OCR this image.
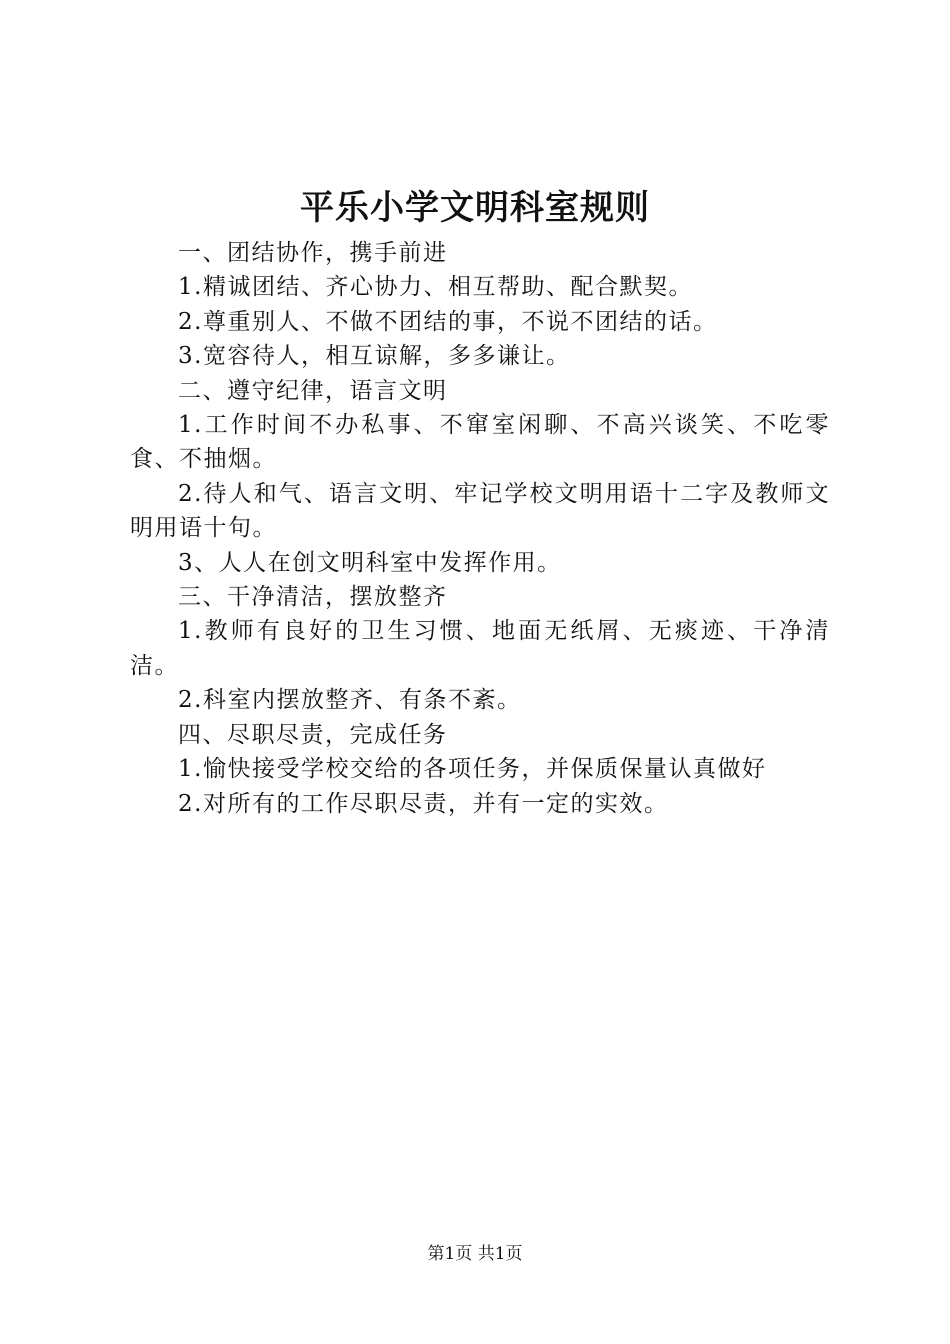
平乐小学文明科室规则

一、团结协作，携手前进

1.精诚团结、齐心协力、相互帮助、配合默契。

2.尊重别人、不做不团结的事，不说不团结的话。

3.宽容待人，相互谅解，多多谦让。

二、遵守纪律，语言文明

1.工作时间不办私事、不窜室闲聊、不高兴谈笑、不吃零食、不抽烟。

2.待人和气、语言文明、牢记学校文明用语十二字及教师文明用语十句。

3、人人在创文明科室中发挥作用。

三、干净清洁，摆放整齐

1.教师有良好的卫生习惯、地面无纸屑、无痰迹、干净清洁。

2.科室内摆放整齐、有条不紊。

四、尽职尽责，完成任务

1.愉快接受学校交给的各项任务，并保质保量认真做好

2.对所有的工作尽职尽责，并有一定的实效。

第1页 共1页
